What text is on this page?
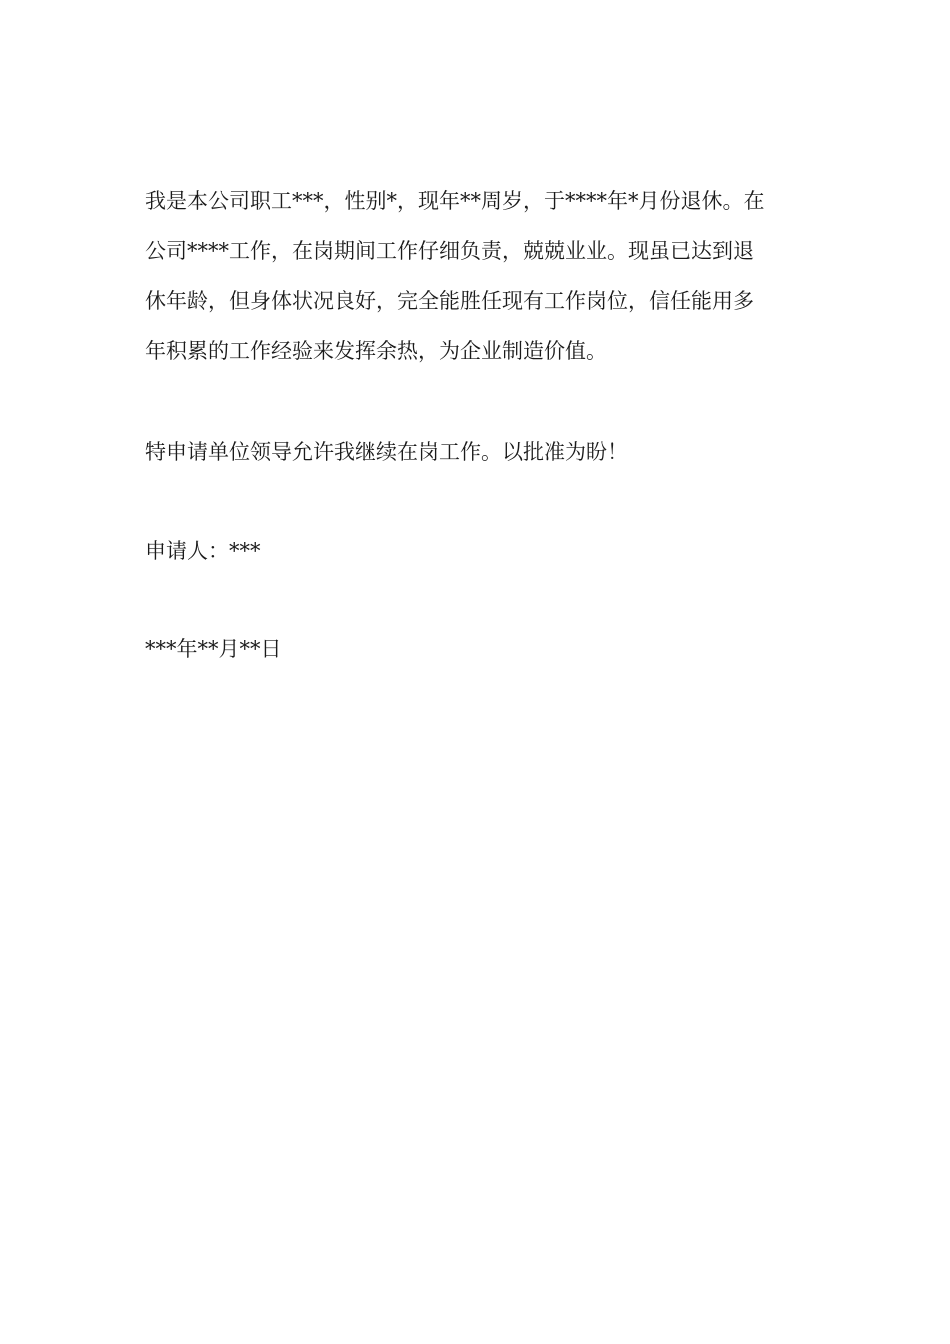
我是本公司职工***，性别*，现年**周岁，于****年*月份退休。在
公司****工作，在岗期间工作仔细负责，兢兢业业。现虽已达到退
休年龄，但身体状况良好，完全能胜任现有工作岗位，信任能用多
年积累的工作经验来发挥余热，为企业制造价值。
特申请单位领导允许我继续在岗工作。以批准为盼！
申请人：***
***年**月**日
